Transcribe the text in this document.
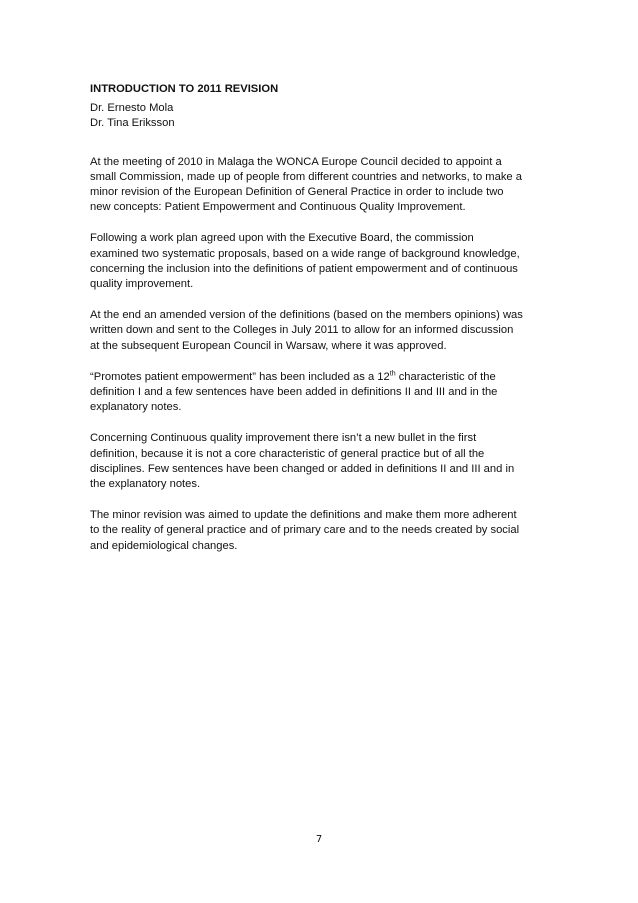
INTRODUCTION TO 2011 REVISION
Dr. Ernesto Mola
Dr. Tina Eriksson

At the meeting of 2010 in Malaga the WONCA Europe Council decided to appoint a
small Commission, made up of people from different countries and networks, to make a
minor revision of the European Definition of General Practice in order to include two
new concepts: Patient Empowerment and Continuous Quality Improvement.

Following a work plan agreed upon with the Executive Board, the commission
examined two systematic proposals, based on a wide range of background knowledge,
concerning the inclusion into the definitions of patient empowerment and of continuous
quality improvement.

At the end an amended version of the definitions (based on the members opinions) was
written down and sent to the Colleges in July 2011 to allow for an informed discussion
at the subsequent European Council in Warsaw, where it was approved.

“Promotes patient empowerment” has been included as a 12th characteristic of the
definition I and a few sentences have been added in definitions II and III and in the
explanatory notes.

Concerning Continuous quality improvement there isn’t a new bullet in the first
definition, because it is not a core characteristic of general practice but of all the
disciplines. Few sentences have been changed or added in definitions II and III and in
the explanatory notes.

The minor revision was aimed to update the definitions and make them more adherent
to the reality of general practice and of primary care and to the needs created by social
and epidemiological changes.

7
